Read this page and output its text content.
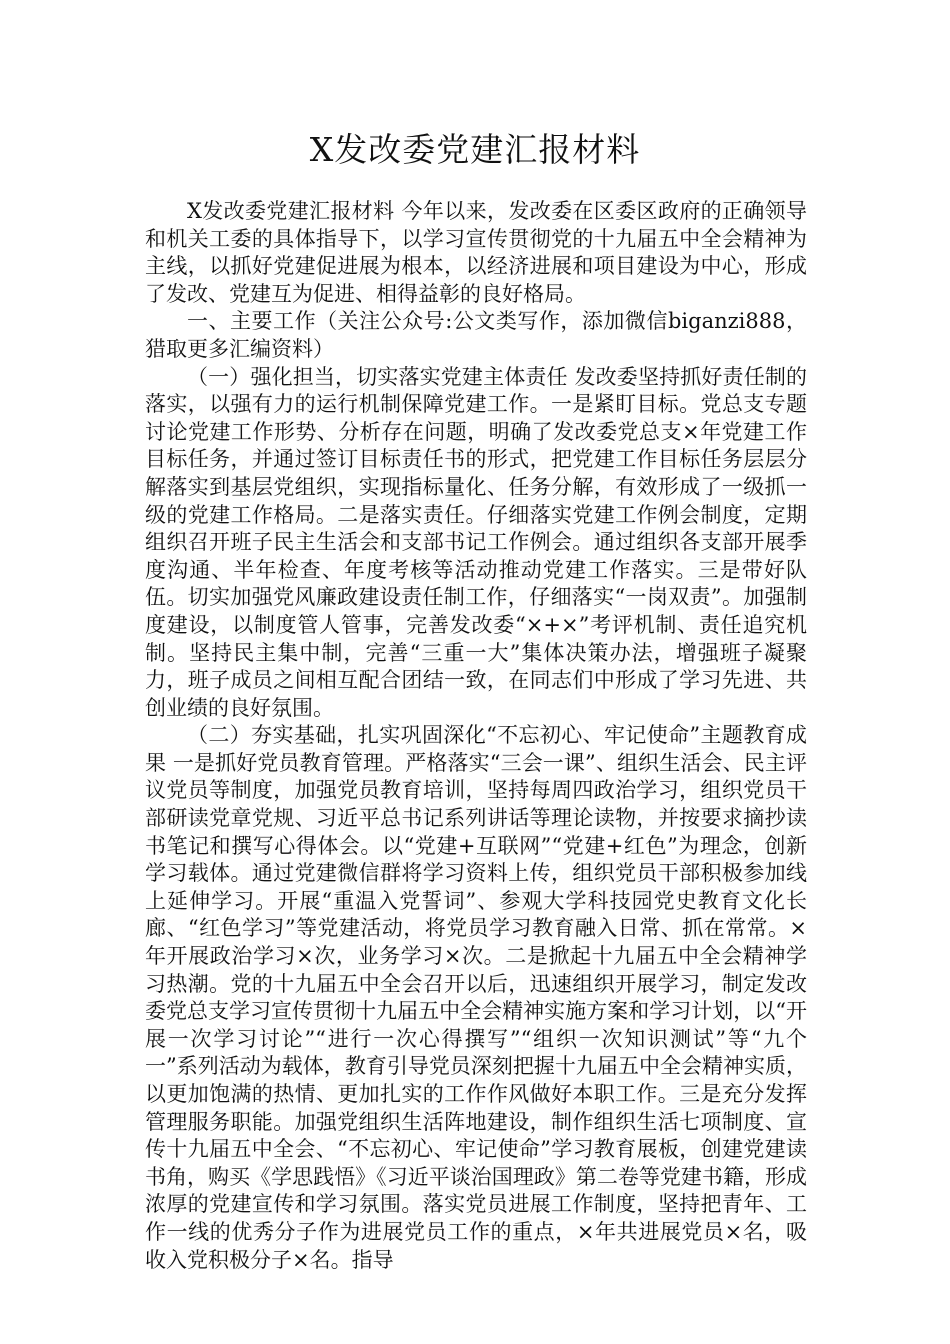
X发改委党建汇报材料

X发改委党建汇报材料 今年以来，发改委在区委区政府的正确领导和机关工委的具体指导下，以学习宣传贯彻党的十九届五中全会精神为主线，以抓好党建促进展为根本，以经济进展和项目建设为中心，形成了发改、党建互为促进、相得益彰的良好格局。

一、主要工作（关注公众号:公文类写作，添加微信biganzi888，猎取更多汇编资料）

（一）强化担当，切实落实党建主体责任 发改委坚持抓好责任制的落实，以强有力的运行机制保障党建工作。一是紧盯目标。党总支专题讨论党建工作形势、分析存在问题，明确了发改委党总支×年党建工作目标任务，并通过签订目标责任书的形式，把党建工作目标任务层层分解落实到基层党组织，实现指标量化、任务分解，有效形成了一级抓一级的党建工作格局。二是落实责任。仔细落实党建工作例会制度，定期组织召开班子民主生活会和支部书记工作例会。通过组织各支部开展季度沟通、半年检查、年度考核等活动推动党建工作落实。三是带好队伍。切实加强党风廉政建设责任制工作，仔细落实“一岗双责”。加强制度建设，以制度管人管事，完善发改委“×+×”考评机制、责任追究机制。坚持民主集中制，完善“三重一大”集体决策办法，增强班子凝聚力，班子成员之间相互配合团结一致，在同志们中形成了学习先进、共创业绩的良好氛围。

（二）夯实基础，扎实巩固深化“不忘初心、牢记使命”主题教育成果 一是抓好党员教育管理。严格落实“三会一课”、组织生活会、民主评议党员等制度，加强党员教育培训，坚持每周四政治学习，组织党员干部研读党章党规、习近平总书记系列讲话等理论读物，并按要求摘抄读书笔记和撰写心得体会。以“党建+互联网”“党建+红色”为理念，创新学习载体。通过党建微信群将学习资料上传，组织党员干部积极参加线上延伸学习。开展“重温入党誓词”、参观大学科技园党史教育文化长廊、“红色学习”等党建活动，将党员学习教育融入日常、抓在常常。×年开展政治学习×次，业务学习×次。二是掀起十九届五中全会精神学习热潮。党的十九届五中全会召开以后，迅速组织开展学习，制定发改委党总支学习宣传贯彻十九届五中全会精神实施方案和学习计划，以“开展一次学习讨论”“进行一次心得撰写”“组织一次知识测试”等“九个一”系列活动为载体，教育引导党员深刻把握十九届五中全会精神实质，以更加饱满的热情、更加扎实的工作作风做好本职工作。三是充分发挥管理服务职能。加强党组织生活阵地建设，制作组织生活七项制度、宣传十九届五中全会、“不忘初心、牢记使命”学习教育展板，创建党建读书角，购买《学思践悟》《习近平谈治国理政》第二卷等党建书籍，形成浓厚的党建宣传和学习氛围。落实党员进展工作制度，坚持把青年、工作一线的优秀分子作为进展党员工作的重点，×年共进展党员×名，吸收入党积极分子×名。指导
